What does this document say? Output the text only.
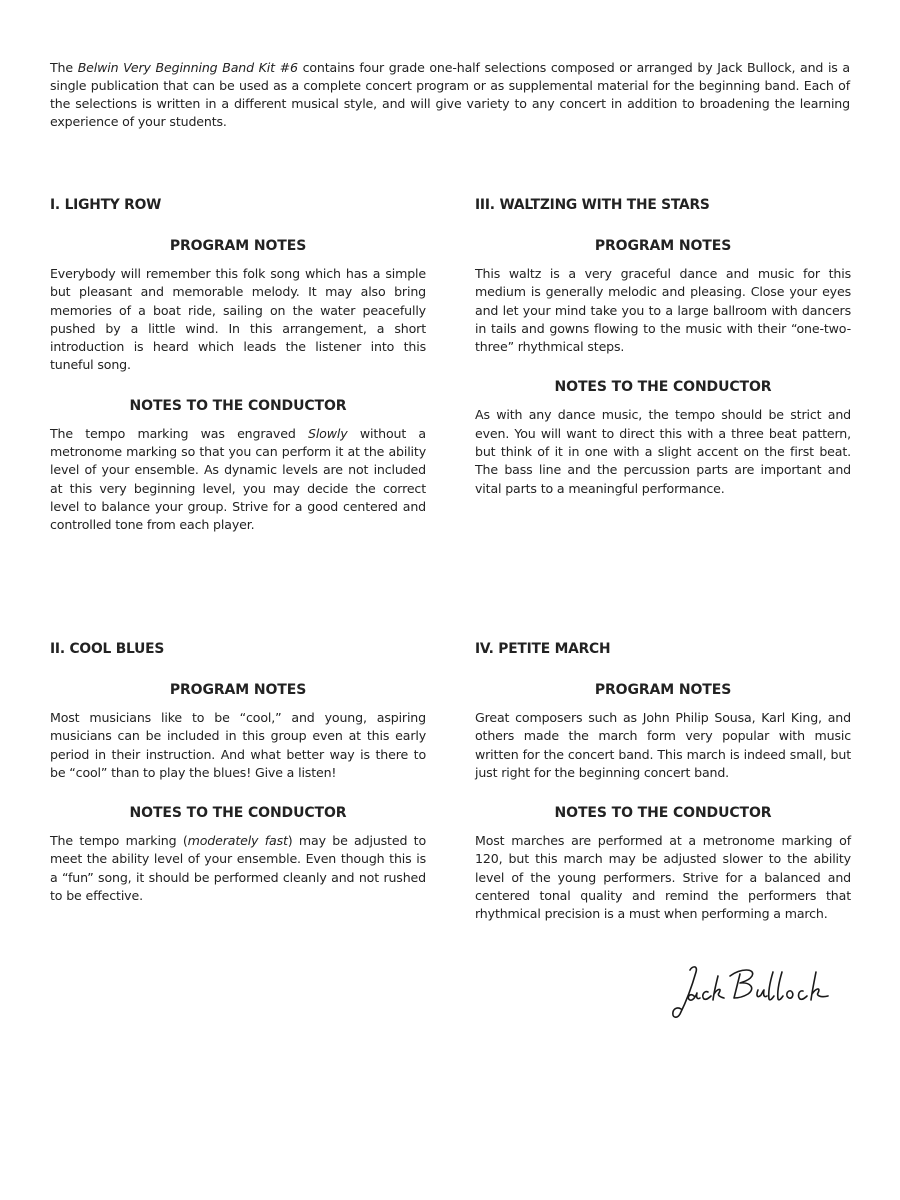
The Belwin Very Beginning Band Kit #6 contains four grade one-half selections composed or arranged by Jack Bullock, and is a single publication that can be used as a complete concert program or as supplemental material for the beginning band. Each of the selections is written in a different musical style, and will give variety to any concert in addition to broadening the learning experience of your students.

I. LIGHTY ROW
PROGRAM NOTES

Everybody will remember this folk song which has a simple but pleasant and memorable melody. It may also bring memories of a boat ride, sailing on the water peacefully pushed by a little wind. In this arrangement, a short introduction is heard which leads the listener into this tuneful song.

NOTES TO THE CONDUCTOR

The tempo marking was engraved Slowly without a metronome marking so that you can perform it at the ability level of your ensemble. As dynamic levels are not included at this very beginning level, you may decide the correct level to balance your group. Strive for a good centered and controlled tone from each player.

III. WALTZING WITH THE STARS
PROGRAM NOTES

This waltz is a very graceful dance and music for this medium is generally melodic and pleasing. Close your eyes and let your mind take you to a large ballroom with dancers in tails and gowns flowing to the music with their “one-two-three” rhythmical steps.

NOTES TO THE CONDUCTOR

As with any dance music, the tempo should be strict and even. You will want to direct this with a three beat pattern, but think of it in one with a slight accent on the first beat. The bass line and the percussion parts are important and vital parts to a meaningful performance.

II. COOL BLUES
PROGRAM NOTES

Most musicians like to be “cool,” and young, aspiring musicians can be included in this group even at this early period in their instruction. And what better way is there to be “cool” than to play the blues! Give a listen!

NOTES TO THE CONDUCTOR

The tempo marking (moderately fast) may be adjusted to meet the ability level of your ensemble. Even though this is a “fun” song, it should be performed cleanly and not rushed to be effective.

IV. PETITE MARCH
PROGRAM NOTES

Great composers such as John Philip Sousa, Karl King, and others made the march form very popular with music written for the concert band. This march is indeed small, but just right for the beginning concert band.

NOTES TO THE CONDUCTOR

Most marches are performed at a metronome marking of 120, but this march may be adjusted slower to the ability level of the young performers. Strive for a balanced and centered tonal quality and remind the performers that rhythmical precision is a must when performing a march.
